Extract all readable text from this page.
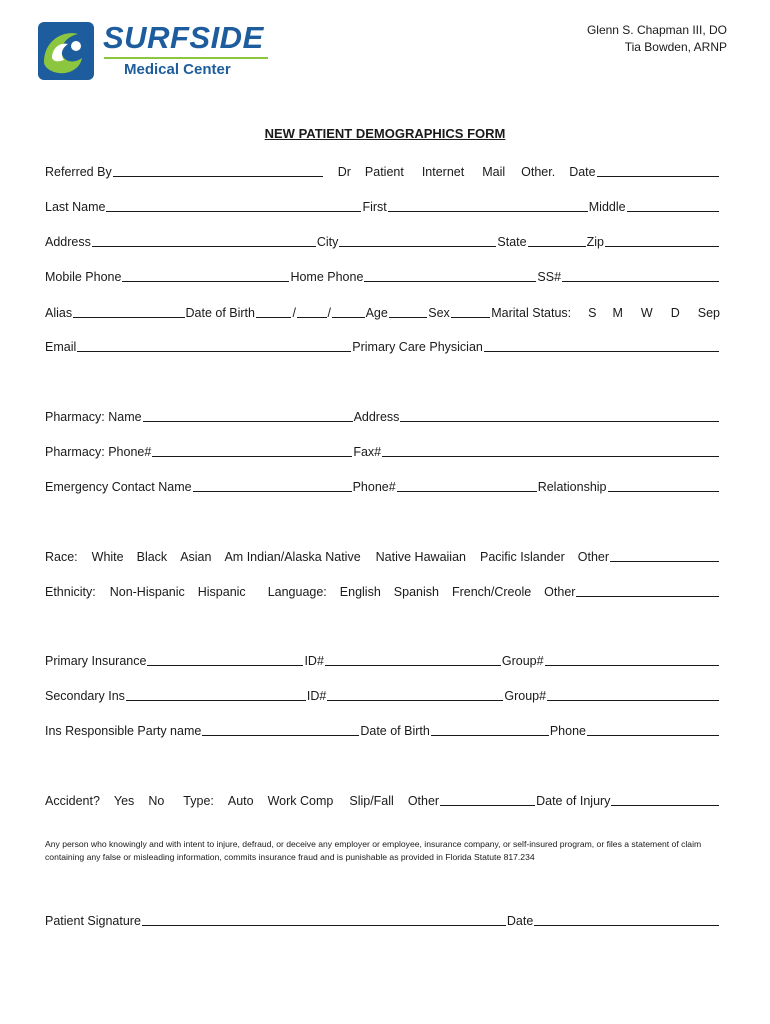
SURFSIDE
Medical Center
Glenn S. Chapman III, DO
Tia Bowden, ARNP
NEW PATIENT DEMOGRAPHICS FORM
Referred By	Dr Patient Internet Mail Other. Date
Last Name	First	Middle
Address	City	State	Zip
Mobile Phone	Home Phone	SS#
Alias	Date of Birth	/	/	Age	Sex	Marital Status: S M W D Sep
Email	Primary Care Physician
Pharmacy: Name	Address
Pharmacy: Phone#	Fax#
Emergency Contact Name	Phone#	Relationship
Race: White Black Asian Am Indian/Alaska Native Native Hawaiian Pacific Islander Other
Ethnicity: Non-Hispanic Hispanic Language: English Spanish French/Creole Other
Primary Insurance	ID#	Group#
Secondary Ins	ID#	Group#
Ins Responsible Party name	Date of Birth	Phone
Accident? Yes No Type: Auto Work Comp Slip/Fall Other	Date of Injury
Any person who knowingly and with intent to injure, defraud, or deceive any employer or employee, insurance company, or self-insured program, or files a statement of claim containing any false or misleading information, commits insurance fraud and is punishable as provided in Florida Statute 817.234
Patient Signature	Date
